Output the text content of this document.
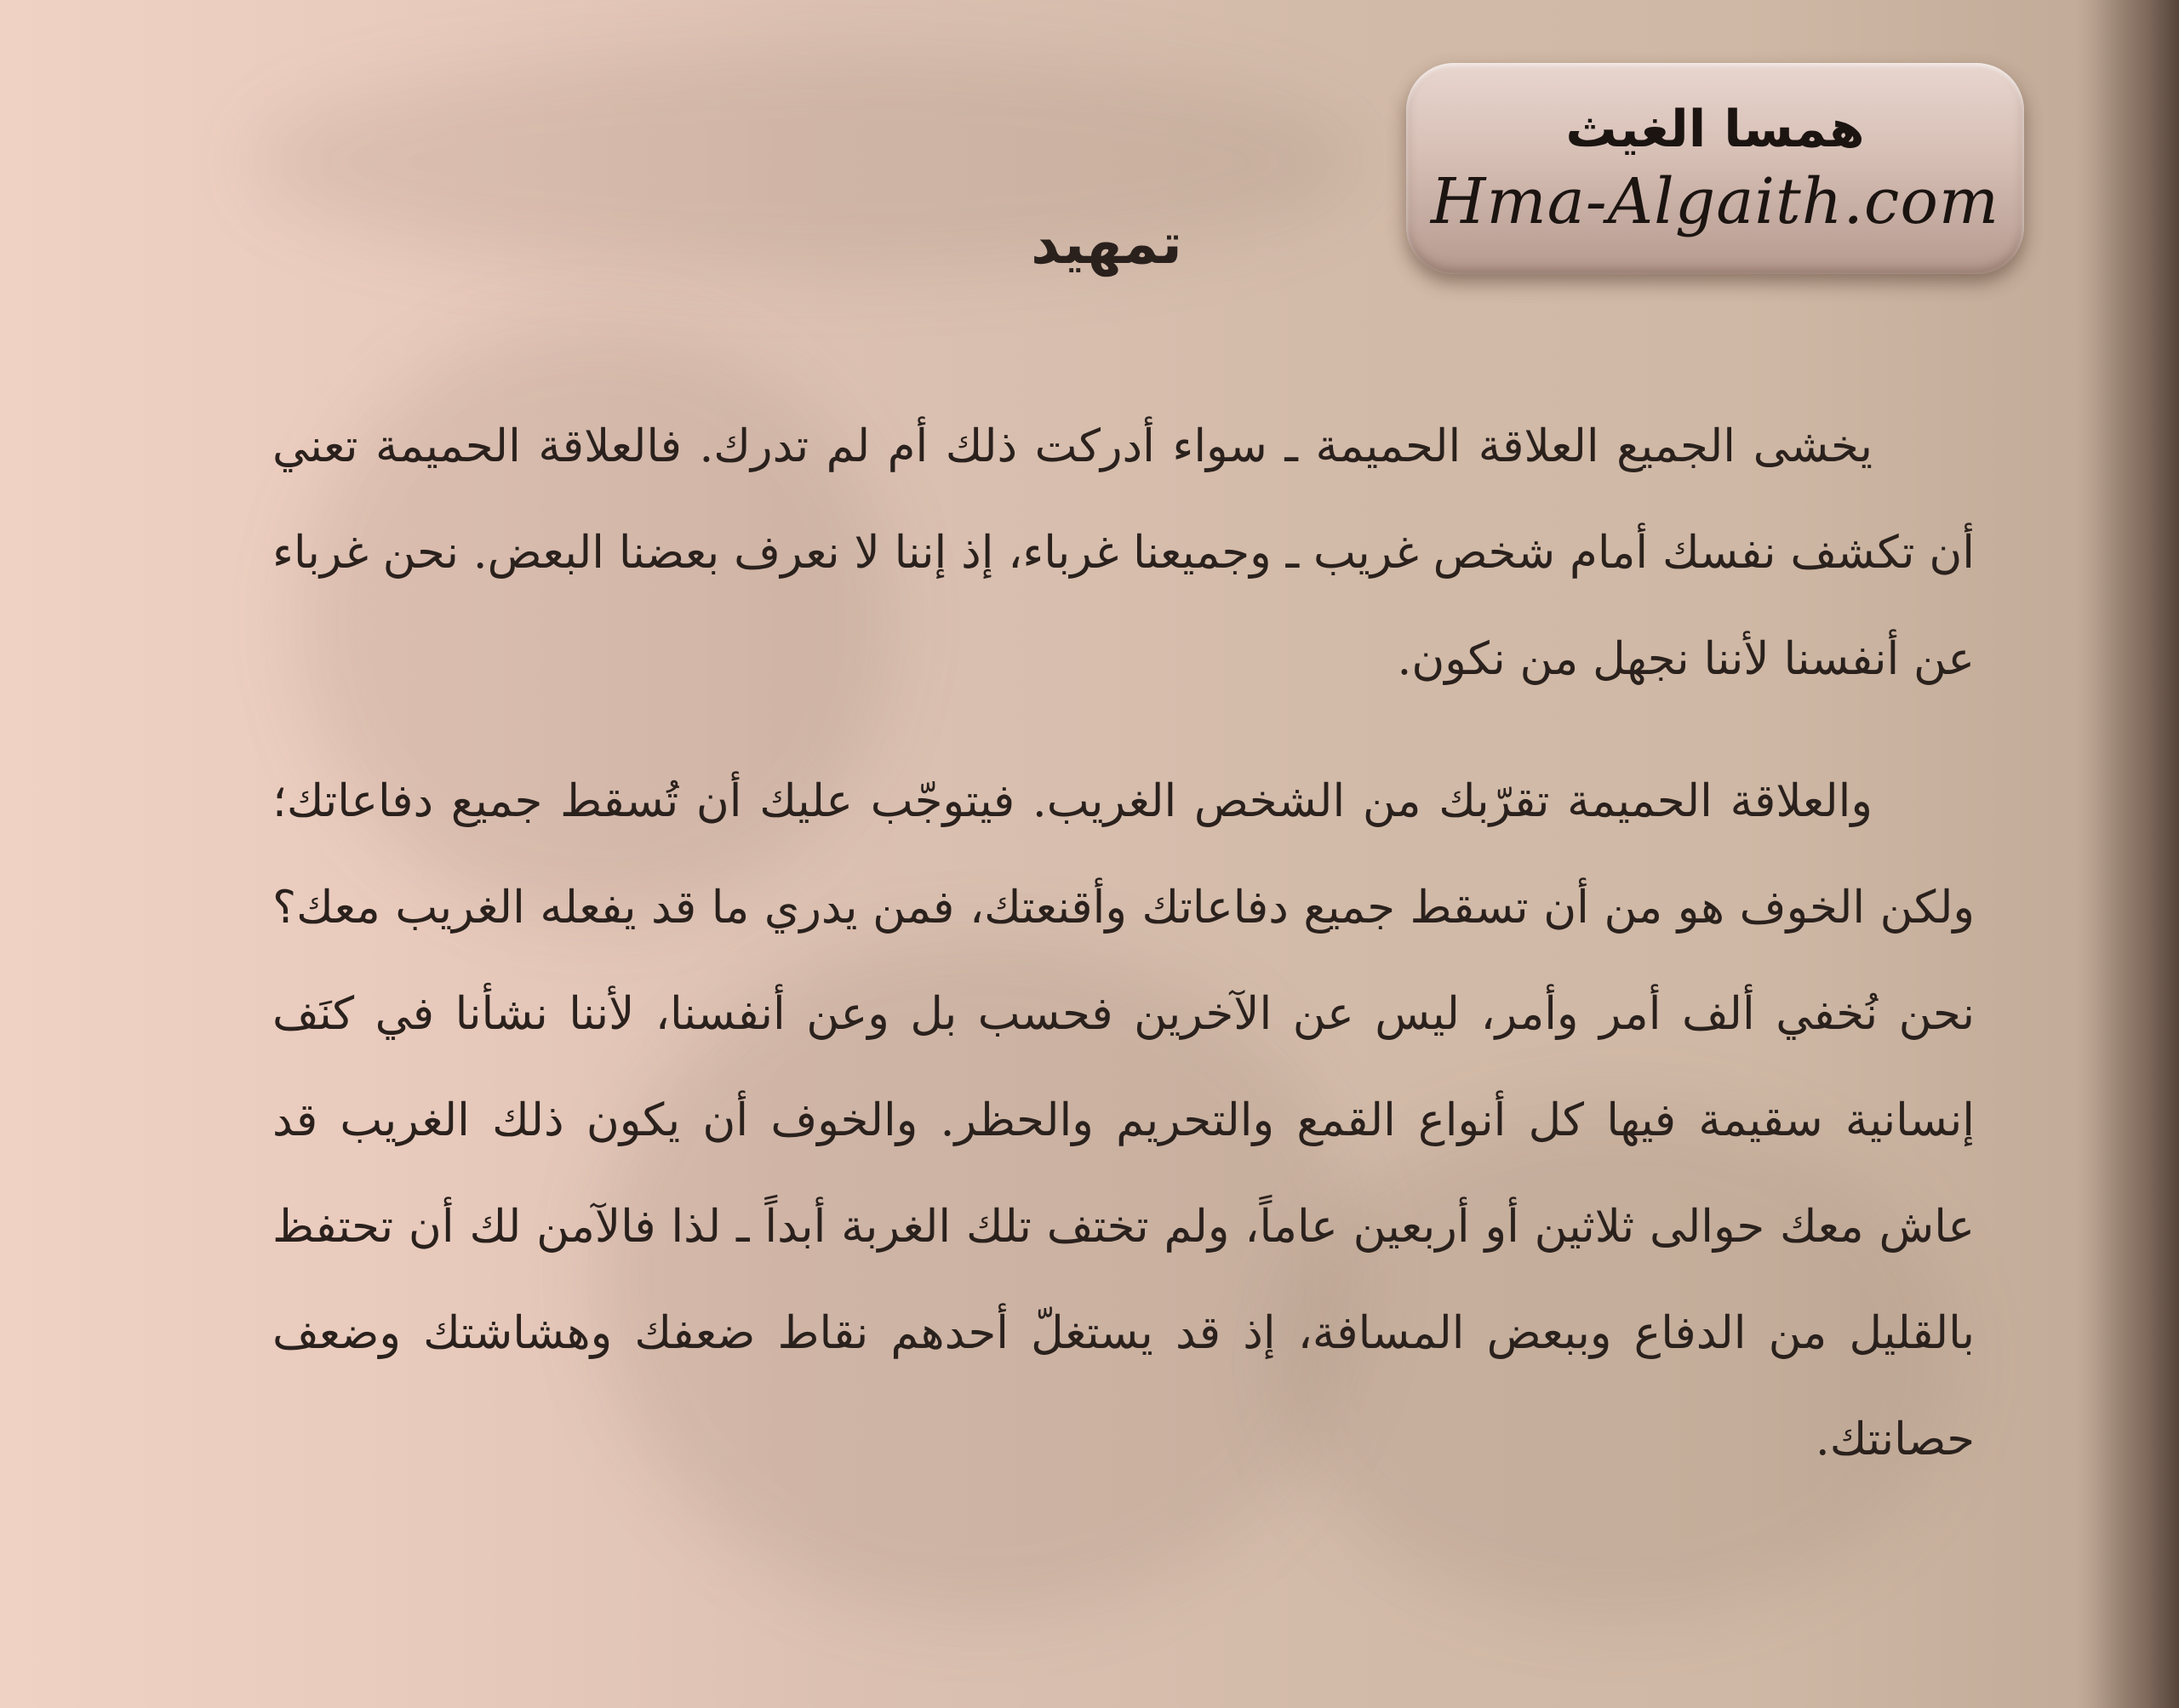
همسا الغيث
Hma-Algaith.com
تمهيد

يخشى الجميع العلاقة الحميمة ـ سواء أدركت ذلك أم لم تدرك. فالعلاقة الحميمة تعني أن تكشف نفسك أمام شخص غريب ـ وجميعنا غرباء، إذ إننا لا نعرف بعضنا البعض. نحن غرباء عن أنفسنا لأننا نجهل من نكون.

والعلاقة الحميمة تقرّبك من الشخص الغريب. فيتوجّب عليك أن تُسقط جميع دفاعاتك؛ ولكن الخوف هو من أن تسقط جميع دفاعاتك وأقنعتك، فمن يدري ما قد يفعله الغريب معك؟ نحن نُخفي ألف أمر وأمر، ليس عن الآخرين فحسب بل وعن أنفسنا، لأننا نشأنا في كنَف إنسانية سقيمة فيها كل أنواع القمع والتحريم والحظر. والخوف أن يكون ذلك الغريب قد عاش معك حوالى ثلاثين أو أربعين عاماً، ولم تختف تلك الغربة أبداً ـ لذا فالآمن لك أن تحتفظ بالقليل من الدفاع وببعض المسافة، إذ قد يستغلّ أحدهم نقاط ضعفك وهشاشتك وضعف حصانتك.
